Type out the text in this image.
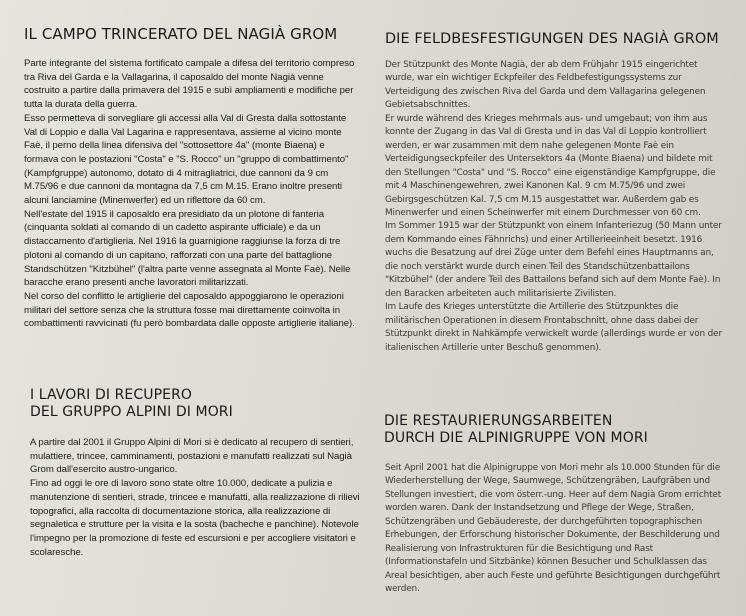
IL CAMPO TRINCERATO DEL NAGIÀ GROM

Parte integrante del sistema fortificato campale a difesa del territorio compreso tra Riva del Garda e la Vallagarina, il caposaldo del monte Nagià venne costruito a partire dalla primavera del 1915 e subì ampliamenti e modifiche per tutta la durata della guerra.

Esso permetteva di sorvegliare gli accessi alla Val di Gresta dalla sottostante Val di Loppio e dalla Val Lagarina e rappresentava, assieme al vicino monte Faè, il perno della linea difensiva del "sottosettore 4a" (monte Biaena) e formava con le postazioni "Costa" e "S. Rocco" un "gruppo di combattimento" (Kampfgruppe) autonomo, dotato di 4 mitragliatrici, due cannoni da 9 cm M.75/96 e due cannoni da montagna da 7,5 cm M.15. Erano inoltre presenti alcuni lanciamine (Minenwerfer) ed un riflettore da 60 cm.

Nell'estate del 1915 il caposaldo era presidiato da un plotone di fanteria (cinquanta soldati al comando di un cadetto aspirante ufficiale) e da un distaccamento d'artiglieria. Nel 1916 la guarnigione raggiunse la forza di tre plotoni al comando di un capitano, rafforzati con una parte del battaglione Standschützen "Kitzbühel" (l'altra parte venne assegnata al Monte Faè). Nelle baracche erano presenti anche lavoratori militarizzati.

Nel corso del conflitto le artiglierie del caposaldo appoggiarono le operazioni militari del settore senza che la struttura fosse mai direttamente coinvolta in combattimenti ravvicinati (fu però bombardata dalle opposte artiglierie italiane).

I LAVORI DI RECUPERO
DEL GRUPPO ALPINI DI MORI

A partire dal 2001 il Gruppo Alpini di Mori si è dedicato al recupero di sentieri, mulattiere, trincee, camminamenti, postazioni e manufatti realizzati sul Nagià Grom dall'esercito austro-ungarico.

Fino ad oggi le ore di lavoro sono state oltre 10.000, dedicate a pulizia e manutenzione di sentieri, strade, trincee e manufatti, alla realizzazione di rilievi topografici, alla raccolta di documentazione storica, alla realizzazione di segnaletica e strutture per la visita e la sosta (bacheche e panchine). Notevole l'impegno per la promozione di feste ed escursioni e per accogliere visitatori e scolaresche.

DIE FELDBESFESTIGUNGEN DES NAGIÀ GROM

Der Stützpunkt des Monte Nagià, der ab dem Frühjahr 1915 eingerichtet wurde, war ein wichtiger Eckpfeiler des Feldbefestigungssystems zur Verteidigung des zwischen Riva del Garda und dem Vallagarina gelegenen Gebietsabschnittes.

Er wurde während des Krieges mehrmals aus- und umgebaut; von ihm aus konnte der Zugang in das Val di Gresta und in das Val di Loppio kontrolliert werden, er war zusammen mit dem nahe gelegenen Monte Faè ein Verteidigungseckpfeiler des Untersektors 4a (Monte Biaena) und bildete mit den Stellungen "Costa" und "S. Rocco" eine eigenständige Kampfgruppe, die mit 4 Maschinengewehren, zwei Kanonen Kal. 9 cm M.75/96 und zwei Gebirgsgeschützen Kal. 7,5 cm M.15 ausgestattet war. Außerdem gab es Minenwerfer und einen Scheinwerfer mit einem Durchmesser von 60 cm.

Im Sommer 1915 war der Stützpunkt von einem Infanteriezug (50 Mann unter dem Kommando eines Fähnrichs) und einer Artillerieeinheit besetzt. 1916 wuchs die Besatzung auf drei Züge unter dem Befehl eines Hauptmanns an, die noch verstärkt wurde durch einen Teil des Standschützenbattailons "Kitzbühel" (der andere Teil des Battailons befand sich auf dem Monte Faè). In den Baracken arbeiteten auch militarisierte Zivilisten.

Im Laufe des Krieges unterstützte die Artillerie des Stützpunktes die militärischen Operationen in diesem Frontabschnitt, ohne dass dabei der Stützpunkt direkt in Nahkämpfe verwickelt wurde (allerdings wurde er von der italienischen Artillerie unter Beschuß genommen).

DIE RESTAURIERUNGSARBEITEN
DURCH DIE ALPINIGRUPPE VON MORI

Seit April 2001 hat die Alpinigruppe von Mori mehr als 10.000 Stunden für die Wiederherstellung der Wege, Saumwege, Schützengräben, Laufgräben und Stellungen investiert, die vom österr.-ung. Heer auf dem Nagià Grom errichtet worden waren. Dank der Instandsetzung und Pflege der Wege, Straßen, Schützengräben und Gebäudereste, der durchgeführten topographischen Erhebungen, der Erforschung historischer Dokumente, der Beschilderung und Realisierung von Infrastrukturen für die Besichtigung und Rast (Informationstafeln und Sitzbänke) können Besucher und Schulklassen das Areal besichtigen, aber auch Feste und geführte Besichtigungen durchgeführt werden.
